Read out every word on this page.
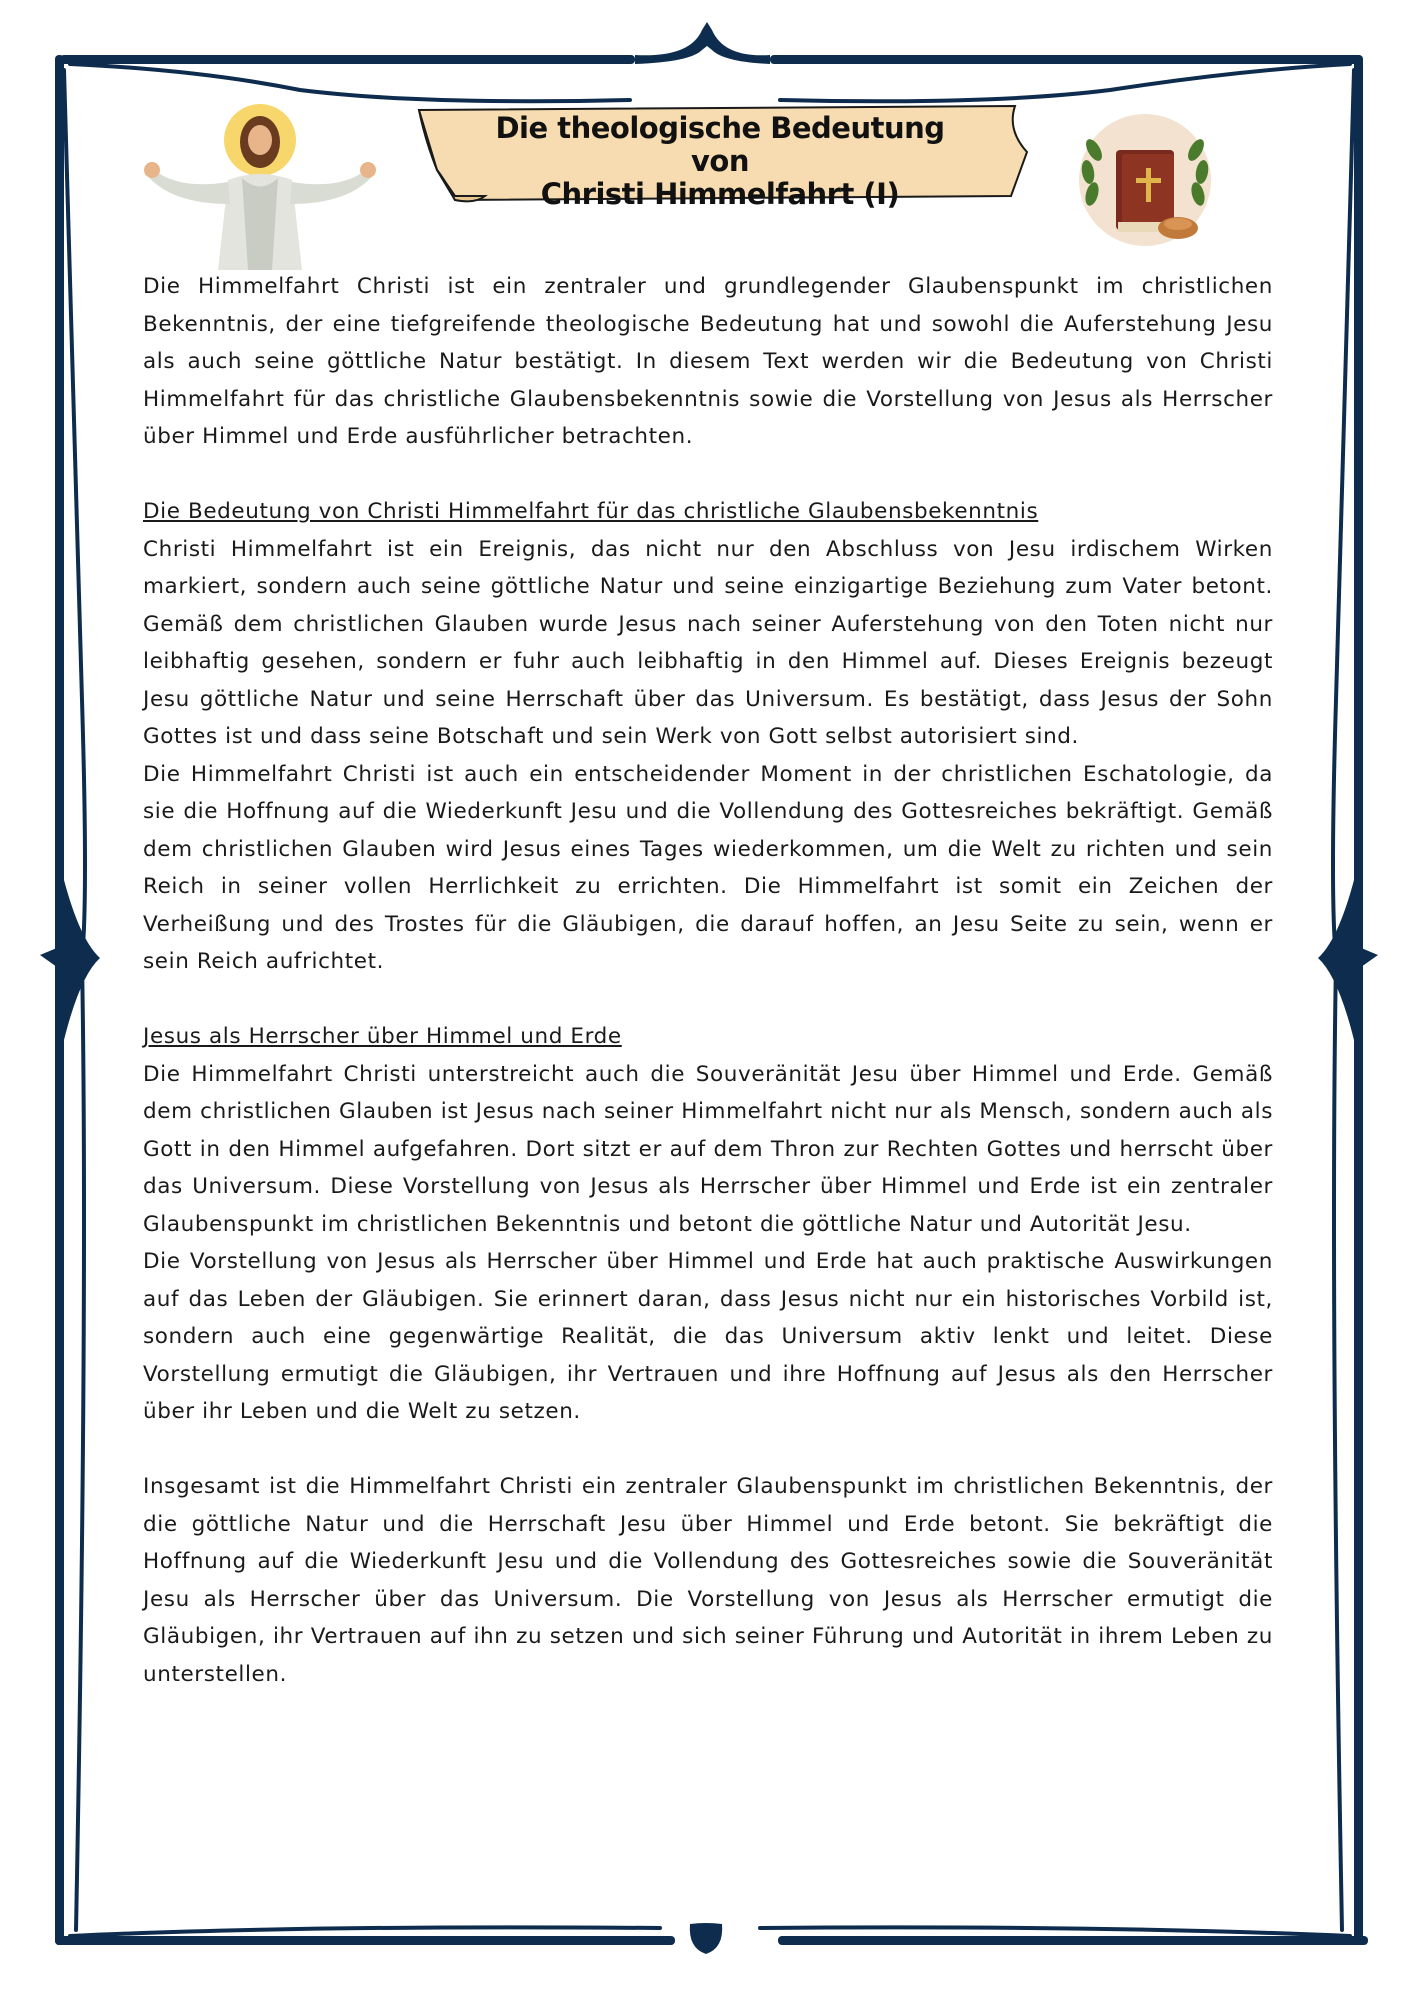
Die theologische Bedeutung von
Christi Himmelfahrt (I)

Die Himmelfahrt Christi ist ein zentraler und grundlegender Glaubenspunkt im christlichen Bekenntnis, der eine tiefgreifende theologische Bedeutung hat und sowohl die Auferstehung Jesu als auch seine göttliche Natur bestätigt. In diesem Text werden wir die Bedeutung von Christi Himmelfahrt für das christliche Glaubensbekenntnis sowie die Vorstellung von Jesus als Herrscher über Himmel und Erde ausführlicher betrachten.

Die Bedeutung von Christi Himmelfahrt für das christliche Glaubensbekenntnis

Christi Himmelfahrt ist ein Ereignis, das nicht nur den Abschluss von Jesu irdischem Wirken markiert, sondern auch seine göttliche Natur und seine einzigartige Beziehung zum Vater betont. Gemäß dem christlichen Glauben wurde Jesus nach seiner Auferstehung von den Toten nicht nur leibhaftig gesehen, sondern er fuhr auch leibhaftig in den Himmel auf. Dieses Ereignis bezeugt Jesu göttliche Natur und seine Herrschaft über das Universum. Es bestätigt, dass Jesus der Sohn Gottes ist und dass seine Botschaft und sein Werk von Gott selbst autorisiert sind.

Die Himmelfahrt Christi ist auch ein entscheidender Moment in der christlichen Eschatologie, da sie die Hoffnung auf die Wiederkunft Jesu und die Vollendung des Gottesreiches bekräftigt. Gemäß dem christlichen Glauben wird Jesus eines Tages wiederkommen, um die Welt zu richten und sein Reich in seiner vollen Herrlichkeit zu errichten. Die Himmelfahrt ist somit ein Zeichen der Verheißung und des Trostes für die Gläubigen, die darauf hoffen, an Jesu Seite zu sein, wenn er sein Reich aufrichtet.

Jesus als Herrscher über Himmel und Erde

Die Himmelfahrt Christi unterstreicht auch die Souveränität Jesu über Himmel und Erde. Gemäß dem christlichen Glauben ist Jesus nach seiner Himmelfahrt nicht nur als Mensch, sondern auch als Gott in den Himmel aufgefahren. Dort sitzt er auf dem Thron zur Rechten Gottes und herrscht über das Universum. Diese Vorstellung von Jesus als Herrscher über Himmel und Erde ist ein zentraler Glaubenspunkt im christlichen Bekenntnis und betont die göttliche Natur und Autorität Jesu.

Die Vorstellung von Jesus als Herrscher über Himmel und Erde hat auch praktische Auswirkungen auf das Leben der Gläubigen. Sie erinnert daran, dass Jesus nicht nur ein historisches Vorbild ist, sondern auch eine gegenwärtige Realität, die das Universum aktiv lenkt und leitet. Diese Vorstellung ermutigt die Gläubigen, ihr Vertrauen und ihre Hoffnung auf Jesus als den Herrscher über ihr Leben und die Welt zu setzen.

Insgesamt ist die Himmelfahrt Christi ein zentraler Glaubenspunkt im christlichen Bekenntnis, der die göttliche Natur und die Herrschaft Jesu über Himmel und Erde betont. Sie bekräftigt die Hoffnung auf die Wiederkunft Jesu und die Vollendung des Gottesreiches sowie die Souveränität Jesu als Herrscher über das Universum. Die Vorstellung von Jesus als Herrscher ermutigt die Gläubigen, ihr Vertrauen auf ihn zu setzen und sich seiner Führung und Autorität in ihrem Leben zu unterstellen.
